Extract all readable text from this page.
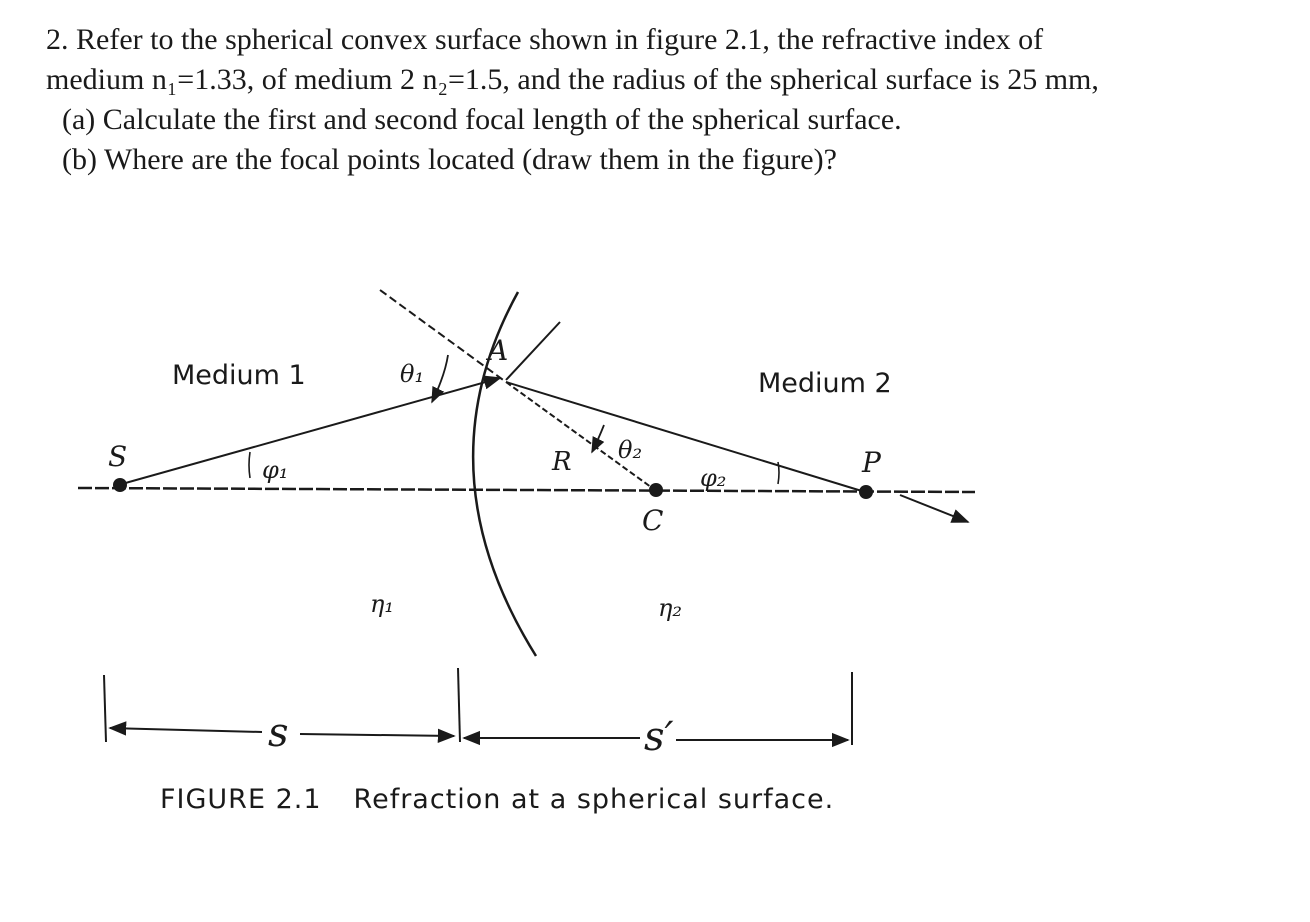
2. Refer to the spherical convex surface shown in figure 2.1, the refractive index of
medium n₁=1.33, of medium 2 n₂=1.5, and the radius of the spherical surface is 25 mm,
(a) Calculate the first and second focal length of the spherical surface.
(b) Where are the focal points located (draw them in the figure)?
Medium 1	Medium 2
S
A
R
C
P
θ₁
θ₂
φ₁	φ₂
η₁	η₂
s	s′
FIGURE 2.1 Refraction at a spherical surface.
